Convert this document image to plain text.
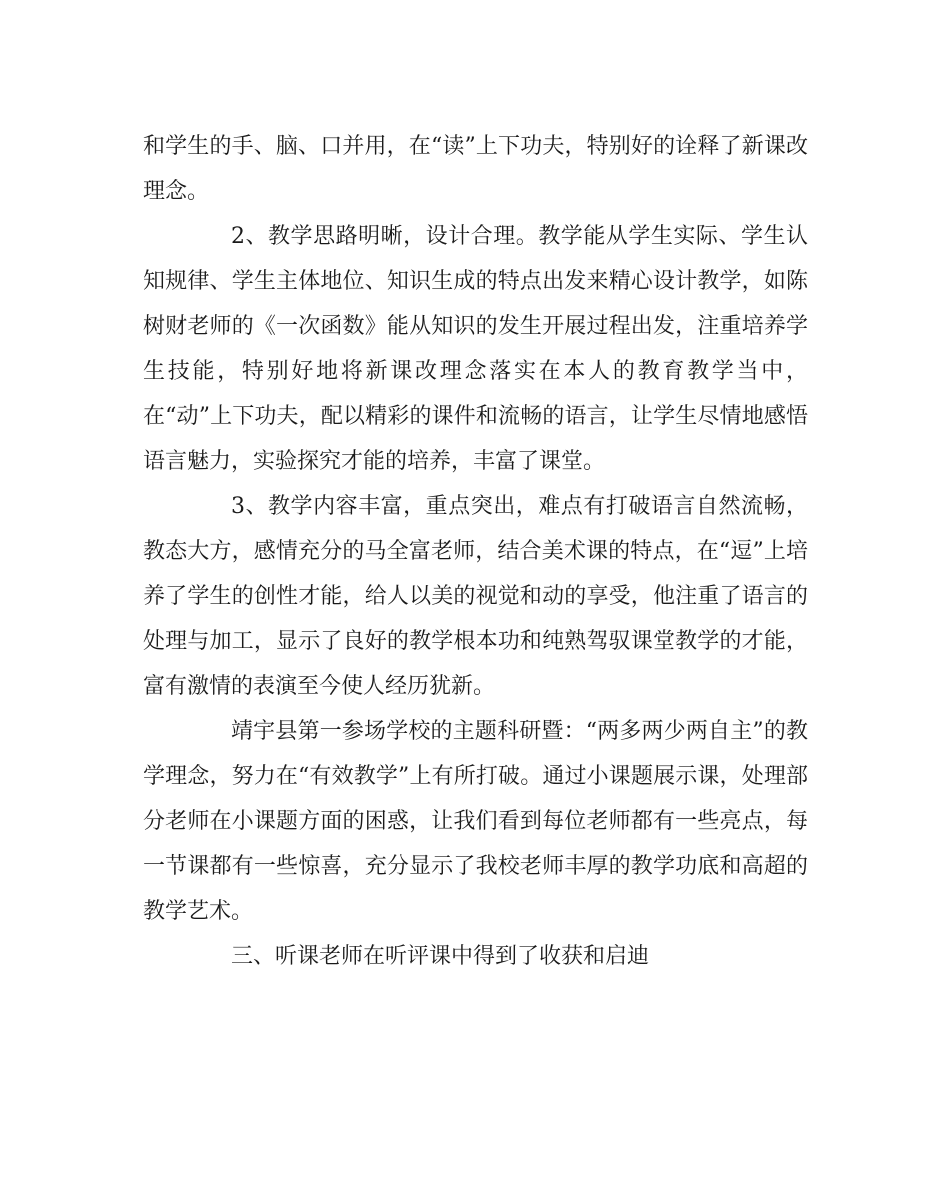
和学生的手、脑、口并用，在“读”上下功夫，特别好的诠释了新课改理念。

2、教学思路明晰，设计合理。教学能从学生实际、学生认知规律、学生主体地位、知识生成的特点出发来精心设计教学，如陈树财老师的《一次函数》能从知识的发生开展过程出发，注重培养学生技能，特别好地将新课改理念落实在本人的教育教学当中，在“动”上下功夫，配以精彩的课件和流畅的语言，让学生尽情地感悟语言魅力，实验探究才能的培养，丰富了课堂。

3、教学内容丰富，重点突出，难点有打破语言自然流畅，教态大方，感情充分的马全富老师，结合美术课的特点，在“逗”上培养了学生的创性才能，给人以美的视觉和动的享受，他注重了语言的处理与加工，显示了良好的教学根本功和纯熟驾驭课堂教学的才能，富有激情的表演至今使人经历犹新。

靖宇县第一参场学校的主题科研暨：“两多两少两自主”的教学理念，努力在“有效教学”上有所打破。通过小课题展示课，处理部分老师在小课题方面的困惑，让我们看到每位老师都有一些亮点，每一节课都有一些惊喜，充分显示了我校老师丰厚的教学功底和高超的教学艺术。

三、听课老师在听评课中得到了收获和启迪
